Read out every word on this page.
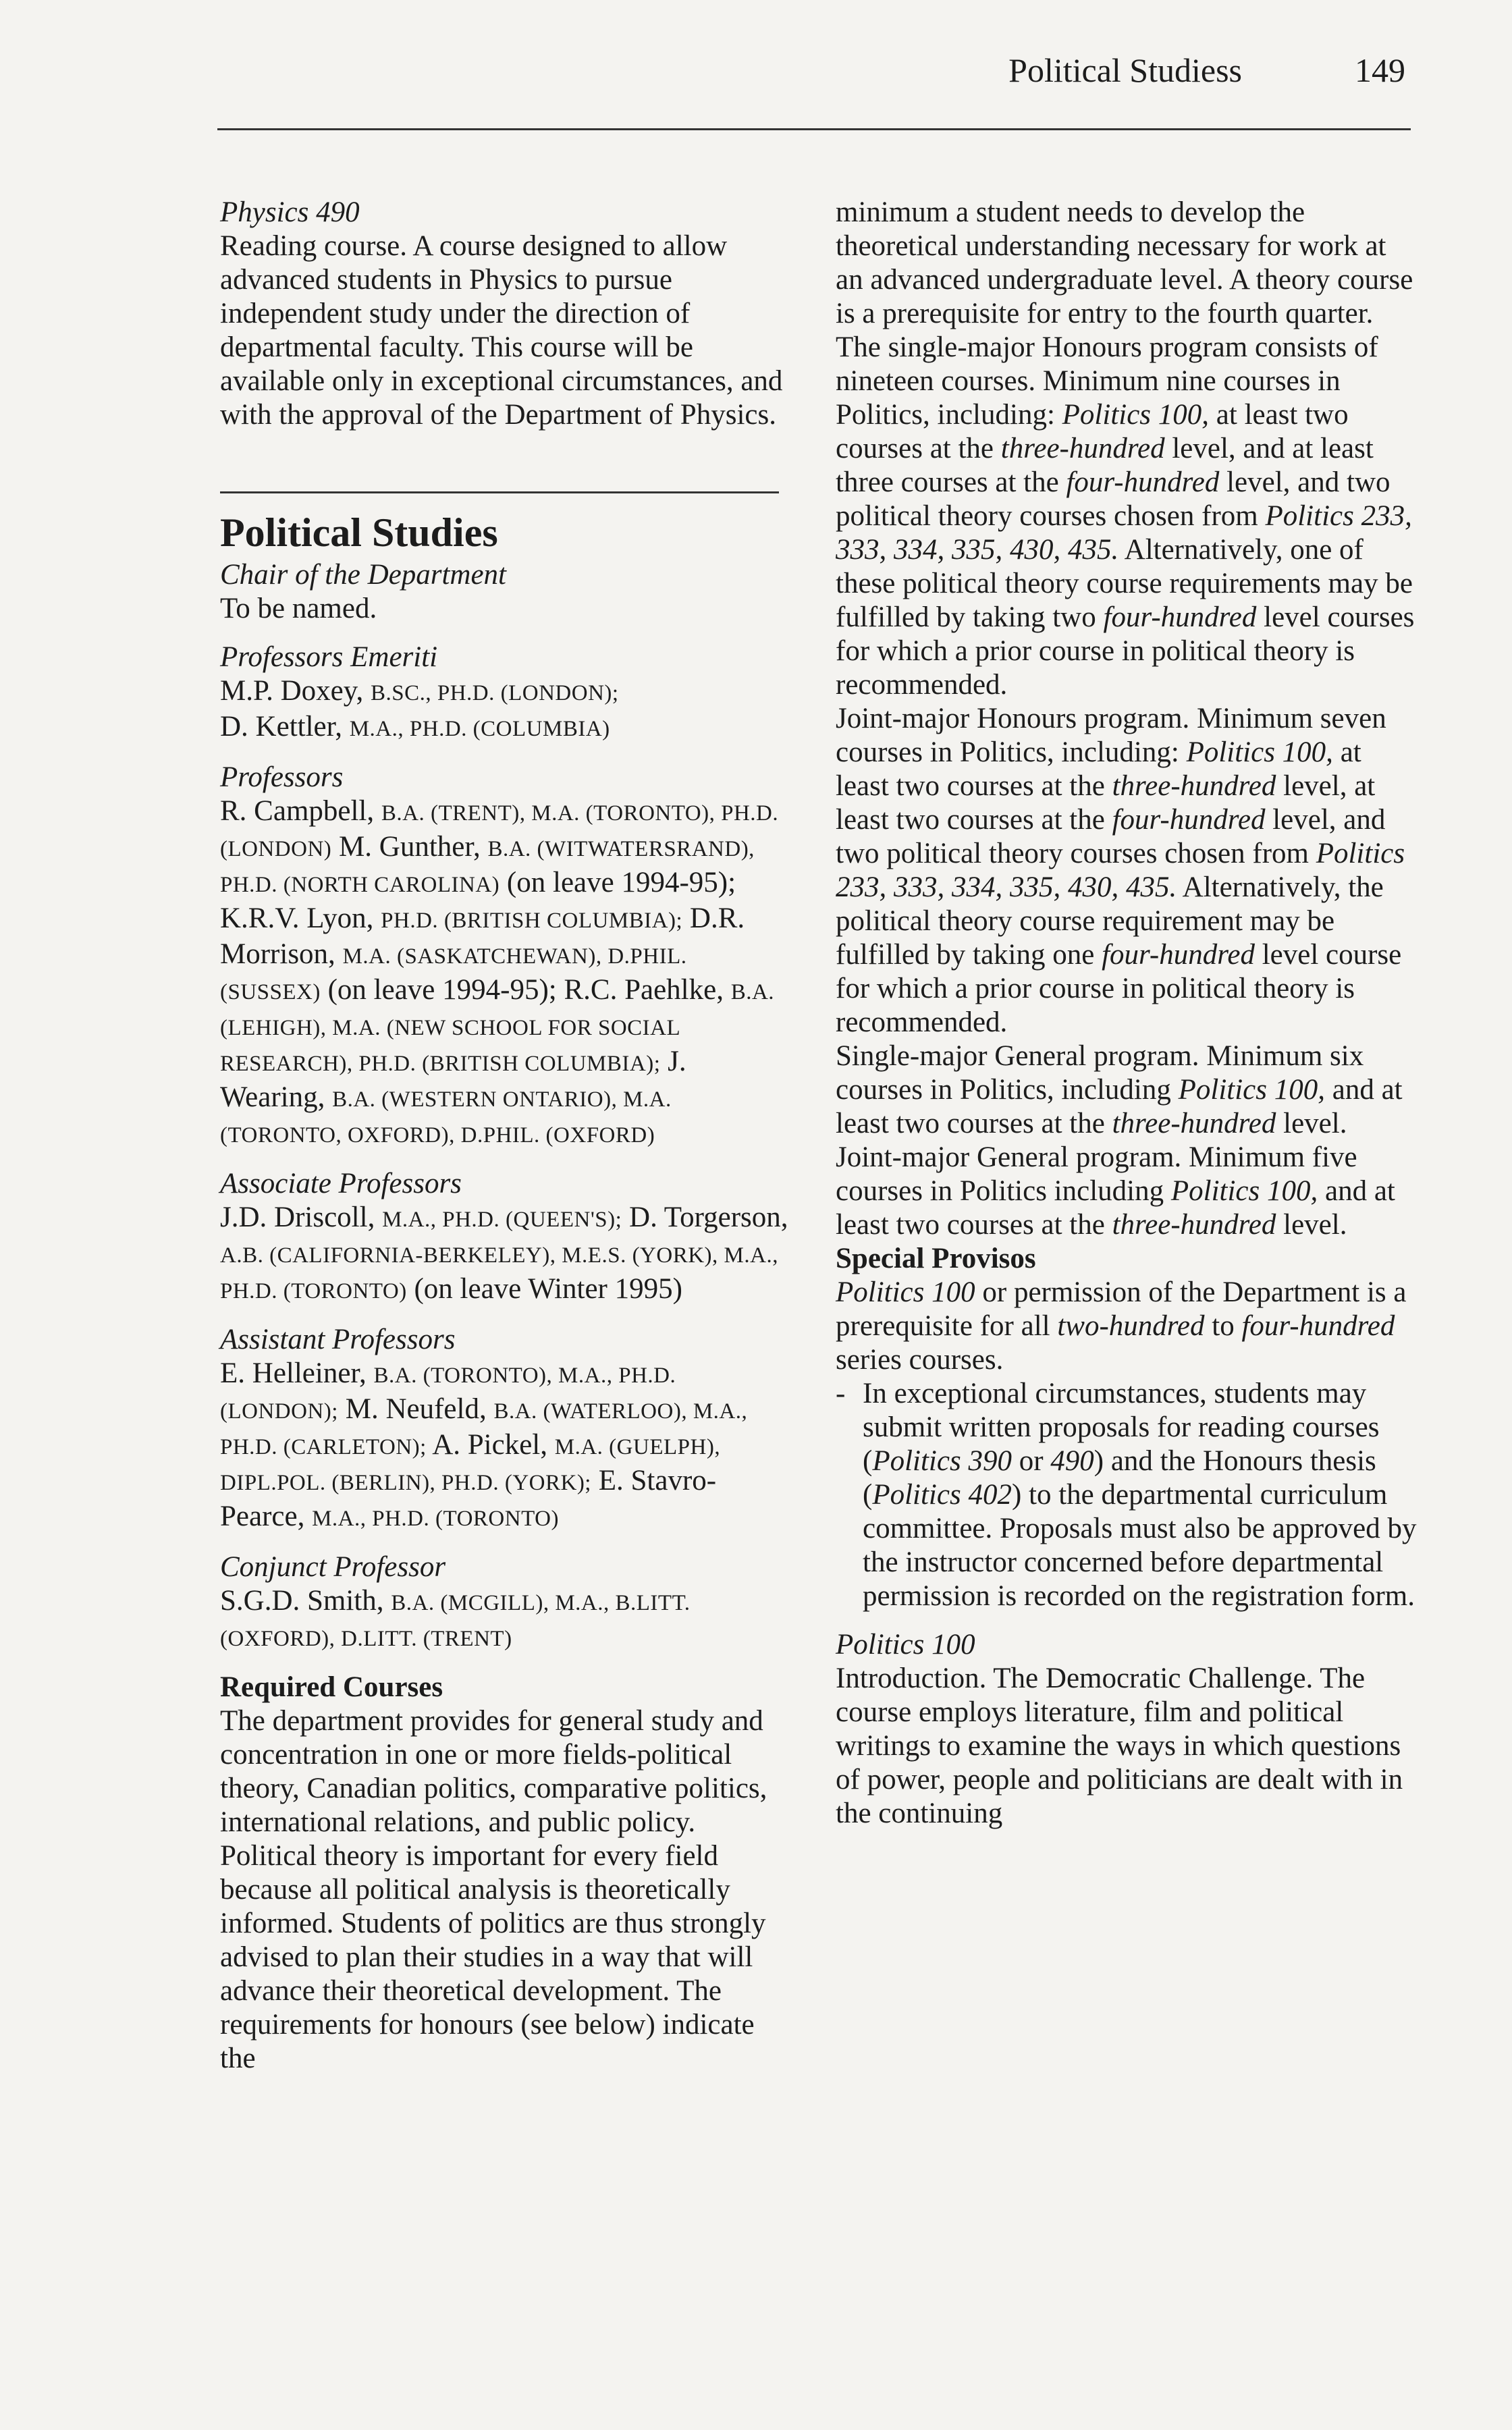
Political Studiess	149

Physics 490

Reading course. A course designed to allow advanced students in Physics to pursue independent study under the direction of departmental faculty. This course will be available only in exceptional circumstances, and with the approval of the Department of Physics.

Political Studies

Chair of the Department

To be named.

Professors Emeriti

M.P. Doxey, B.SC., PH.D. (LONDON);

D. Kettler, M.A., PH.D. (COLUMBIA)

Professors

R. Campbell, B.A. (TRENT), M.A. (TORONTO), PH.D. (LONDON) M. Gunther, B.A. (WITWATERSRAND), PH.D. (NORTH CAROLINA) (on leave 1994-95); K.R.V. Lyon, PH.D. (BRITISH COLUMBIA); D.R. Morrison, M.A. (SASKATCHEWAN), D.PHIL. (SUSSEX) (on leave 1994-95); R.C. Paehlke, B.A. (LEHIGH), M.A. (NEW SCHOOL FOR SOCIAL RESEARCH), PH.D. (BRITISH COLUMBIA); J. Wearing, B.A. (WESTERN ONTARIO), M.A. (TORONTO, OXFORD), D.PHIL. (OXFORD)

Associate Professors

J.D. Driscoll, M.A., PH.D. (QUEEN'S); D. Torgerson, A.B. (CALIFORNIA-BERKELEY), M.E.S. (YORK), M.A., PH.D. (TORONTO) (on leave Winter 1995)

Assistant Professors

E. Helleiner, B.A. (TORONTO), M.A., PH.D. (LONDON); M. Neufeld, B.A. (WATERLOO), M.A., PH.D. (CARLETON); A. Pickel, M.A. (GUELPH), DIPL.POL. (BERLIN), PH.D. (YORK); E. Stavro-Pearce, M.A., PH.D. (TORONTO)

Conjunct Professor

S.G.D. Smith, B.A. (MCGILL), M.A., B.LITT. (OXFORD), D.LITT. (TRENT)

Required Courses

The department provides for general study and concentration in one or more fields-political theory, Canadian politics, comparative politics, international relations, and public policy. Political theory is important for every field because all political analysis is theoretically informed. Students of politics are thus strongly advised to plan their studies in a way that will advance their theoretical development. The requirements for honours (see below) indicate the

minimum a student needs to develop the theoretical understanding necessary for work at an advanced undergraduate level. A theory course is a prerequisite for entry to the fourth quarter.

The single-major Honours program consists of nineteen courses. Minimum nine courses in Politics, including: Politics 100, at least two courses at the three-hundred level, and at least three courses at the four-hundred level, and two political theory courses chosen from Politics 233, 333, 334, 335, 430, 435. Alternatively, one of these political theory course requirements may be fulfilled by taking two four-hundred level courses for which a prior course in political theory is recommended.

Joint-major Honours program. Minimum seven courses in Politics, including: Politics 100, at least two courses at the three-hundred level, at least two courses at the four-hundred level, and two political theory courses chosen from Politics 233, 333, 334, 335, 430, 435. Alternatively, the political theory course requirement may be fulfilled by taking one four-hundred level course for which a prior course in political theory is recommended.

Single-major General program. Minimum six courses in Politics, including Politics 100, and at least two courses at the three-hundred level.

Joint-major General program. Minimum five courses in Politics including Politics 100, and at least two courses at the three-hundred level.

Special Provisos

Politics 100 or permission of the Department is a prerequisite for all two-hundred to four-hundred series courses.

- In exceptional circumstances, students may submit written proposals for reading courses (Politics 390 or 490) and the Honours thesis (Politics 402) to the departmental curriculum committee. Proposals must also be approved by the instructor concerned before departmental permission is recorded on the registration form.

Politics 100

Introduction. The Democratic Challenge. The course employs literature, film and political writings to examine the ways in which questions of power, people and politicians are dealt with in the continuing
